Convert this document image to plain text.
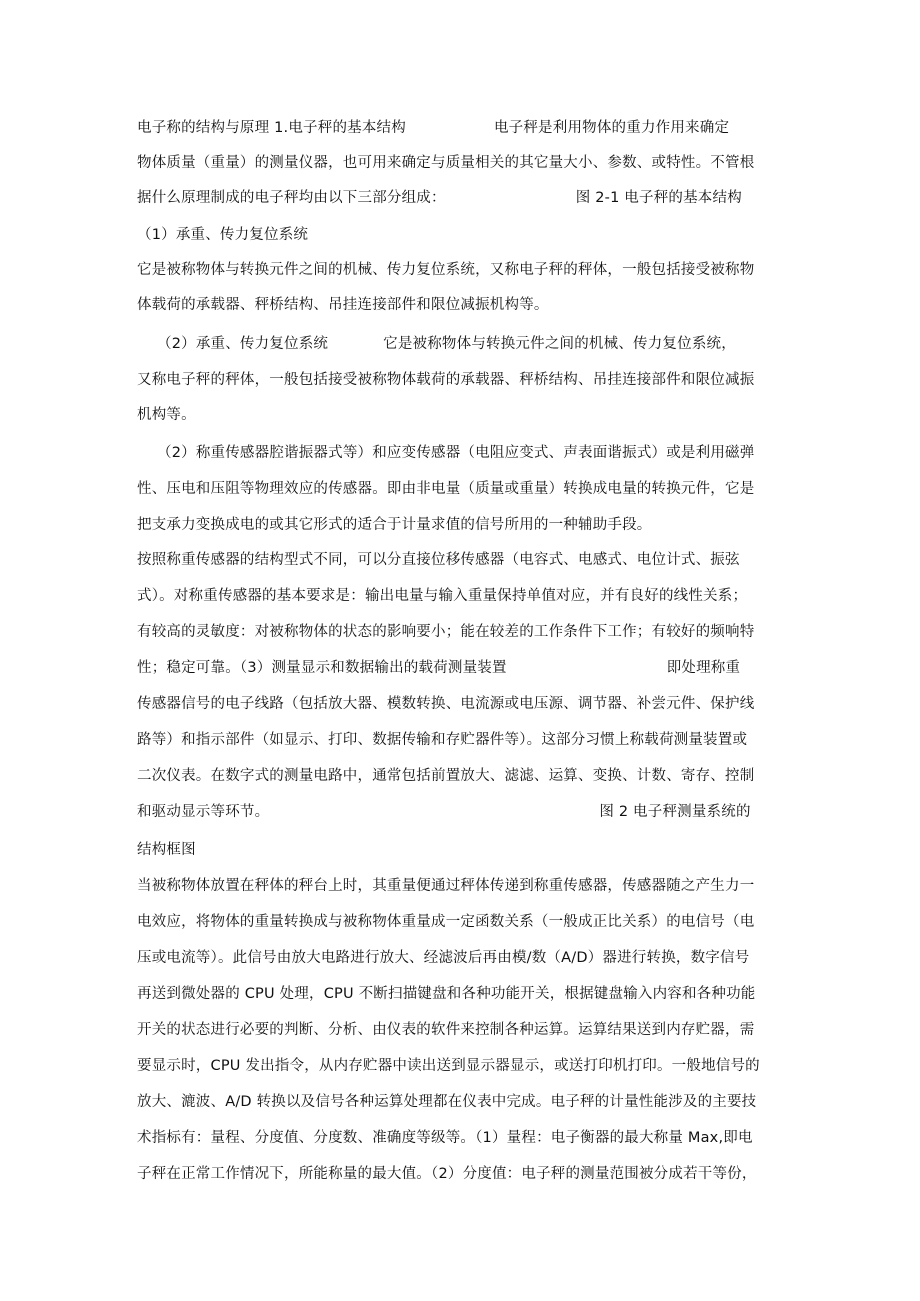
电子称的结构与原理 1.电子秤的基本结构	电子秤是利用物体的重力作用来确定
物体质量（重量）的测量仪器，也可用来确定与质量相关的其它量大小、参数、或特性。不管根
据什么原理制成的电子秤均由以下三部分组成：	图 2-1 电子秤的基本结构
（1）承重、传力复位系统
它是被称物体与转换元件之间的机械、传力复位系统，又称电子秤的秤体，一般包括接受被称物
体载荷的承载器、秤桥结构、吊挂连接部件和限位减振机构等。
（2）承重、传力复位系统	它是被称物体与转换元件之间的机械、传力复位系统，
又称电子秤的秤体，一般包括接受被称物体载荷的承载器、秤桥结构、吊挂连接部件和限位减振
机构等。
（2）称重传感器腔谐振器式等）和应变传感器（电阻应变式、声表面谐振式）或是利用磁弹
性、压电和压阻等物理效应的传感器。即由非电量（质量或重量）转换成电量的转换元件，它是
把支承力变换成电的或其它形式的适合于计量求值的信号所用的一种辅助手段。
按照称重传感器的结构型式不同，可以分直接位移传感器（电容式、电感式、电位计式、振弦
式）。对称重传感器的基本要求是：输出电量与输入重量保持单值对应，并有良好的线性关系；
有较高的灵敏度：对被称物体的状态的影响要小；能在较差的工作条件下工作；有较好的频响特
性；稳定可靠。（3）测量显示和数据输出的载荷测量装置	即处理称重
传感器信号的电子线路（包括放大器、模数转换、电流源或电压源、调节器、补尝元件、保护线
路等）和指示部件（如显示、打印、数据传输和存贮器件等）。这部分习惯上称载荷测量装置或
二次仪表。在数字式的测量电路中，通常包括前置放大、滤滤、运算、变换、计数、寄存、控制
和驱动显示等环节。	图 2 电子秤测量系统的
结构框图
当被称物体放置在秤体的秤台上时，其重量便通过秤体传递到称重传感器，传感器随之产生力一
电效应，将物体的重量转换成与被称物体重量成一定函数关系（一般成正比关系）的电信号（电
压或电流等）。此信号由放大电路进行放大、经滤波后再由模/数（A/D）器进行转换，数字信号
再送到微处器的 CPU 处理，CPU 不断扫描键盘和各种功能开关，根据键盘输入内容和各种功能
开关的状态进行必要的判断、分析、由仪表的软件来控制各种运算。运算结果送到内存贮器，需
要显示时，CPU 发出指令，从内存贮器中读出送到显示器显示，或送打印机打印。一般地信号的
放大、漉波、A/D 转换以及信号各种运算处理都在仪表中完成。电子秤的计量性能涉及的主要技
术指标有：量程、分度值、分度数、准确度等级等。（1）量程：电子衡器的最大称量 Max,即电
子秤在正常工作情况下，所能称量的最大值。（2）分度值：电子秤的测量范围被分成若干等份，
